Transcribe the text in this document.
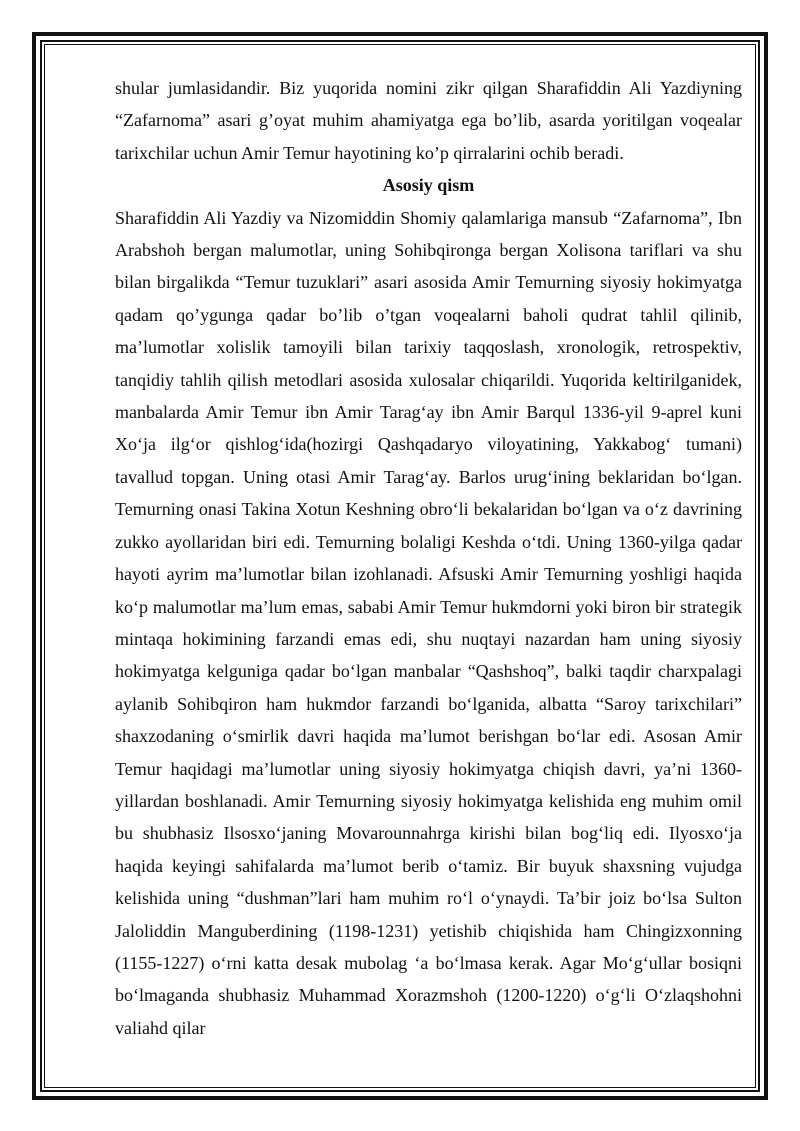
shular jumlasidandir. Biz yuqorida nomini zikr qilgan Sharafiddin Ali Yazdiyning “Zafarnoma” asari g’oyat muhim ahamiyatga ega bo’lib, asarda yoritilgan voqealar tarixchilar uchun Amir Temur hayotining ko’p qirralarini ochib beradi.

Asosiy qism

Sharafiddin Ali Yazdiy va Nizomiddin Shomiy qalamlariga mansub “Zafarnoma”, Ibn Arabshoh bergan malumotlar, uning Sohibqironga bergan Xolisona tariflari va shu bilan birgalikda “Temur tuzuklari” asari asosida Amir Temurning siyosiy hokimyatga qadam qo’ygunga qadar bo’lib o’tgan voqealarni baholi qudrat tahlil qilinib, ma’lumotlar xolislik tamoyili bilan tarixiy taqqoslash, xronologik, retrospektiv, tanqidiy tahlih qilish metodlari asosida xulosalar chiqarildi. Yuqorida keltirilganidek, manbalarda Amir Temur ibn Amir Tarag‘ay ibn Amir Barqul 1336-yil 9-aprel kuni Xo‘ja ilg‘or qishlog‘ida(hozirgi Qashqadaryo viloyatining, Yakkabog‘ tumani) tavallud topgan. Uning otasi Amir Tarag‘ay. Barlos urug‘ining beklaridan bo‘lgan. Temurning onasi Takina Xotun Keshning obro‘li bekalaridan bo‘lgan va o‘z davrining zukko ayollaridan biri edi. Temurning bolaligi Keshda o‘tdi. Uning 1360-yilga qadar hayoti ayrim ma’lumotlar bilan izohlanadi. Afsuski Amir Temurning yoshligi haqida ko‘p malumotlar ma’lum emas, sababi Amir Temur hukmdorni yoki biron bir strategik mintaqa hokimining farzandi emas edi, shu nuqtayi nazardan ham uning siyosiy hokimyatga kelguniga qadar bo‘lgan manbalar “Qashshoq”, balki taqdir charxpalagi aylanib Sohibqiron ham hukmdor farzandi bo‘lganida, albatta “Saroy tarixchilari” shaxzodaning o‘smirlik davri haqida ma’lumot berishgan bo‘lar edi. Asosan Amir Temur haqidagi ma’lumotlar uning siyosiy hokimyatga chiqish davri, ya’ni 1360-yillardan boshlanadi. Amir Temurning siyosiy hokimyatga kelishida eng muhim omil bu shubhasiz Ilsosxo‘janing Movarounnahrga kirishi bilan bog‘liq edi. Ilyosxo‘ja haqida keyingi sahifalarda ma’lumot berib o‘tamiz. Bir buyuk shaxsning vujudga kelishida uning “dushman”lari ham muhim ro‘l o‘ynaydi. Ta’bir joiz bo‘lsa Sulton Jaloliddin Manguberdining (1198-1231) yetishib chiqishida ham Chingizxonning (1155-1227) o‘rni katta desak mubolag ‘a bo‘lmasa kerak. Agar Mo‘g‘ullar bosiqni bo‘lmaganda shubhasiz Muhammad Xorazmshoh (1200-1220) o‘g‘li O‘zlaqshohni valiahd qilar
